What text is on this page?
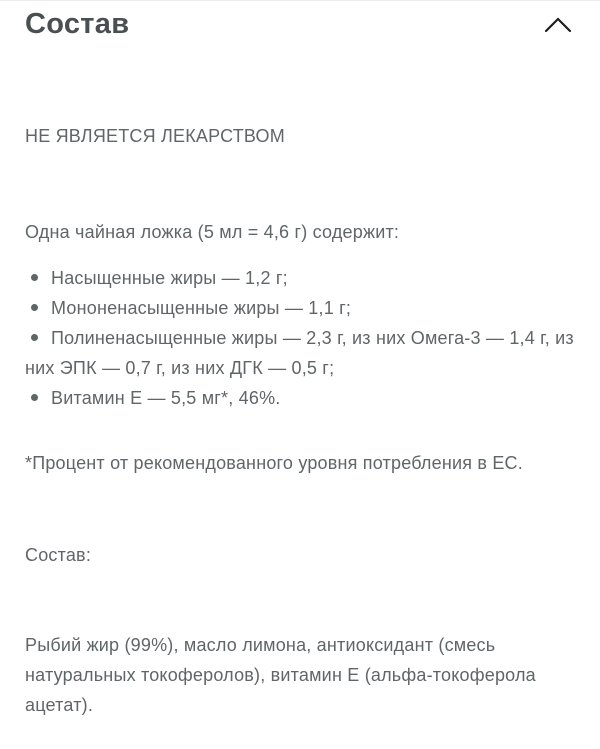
Состав

НЕ ЯВЛЯЕТСЯ ЛЕКАРСТВОМ

Одна чайная ложка (5 мл = 4,6 г) содержит:

Насыщенные жиры — 1,2 г;
Мононенасыщенные жиры — 1,1 г;
Полиненасыщенные жиры — 2,3 г, из них Омега-3 — 1,4 г, из них ЭПК — 0,7 г, из них ДГК — 0,5 г;
Витамин Е — 5,5 мг*, 46%.

*Процент от рекомендованного уровня потребления в ЕС.

Состав:

Рыбий жир (99%), масло лимона, антиоксидант (смесь натуральных токоферолов), витамин Е (альфа-токоферола ацетат).
